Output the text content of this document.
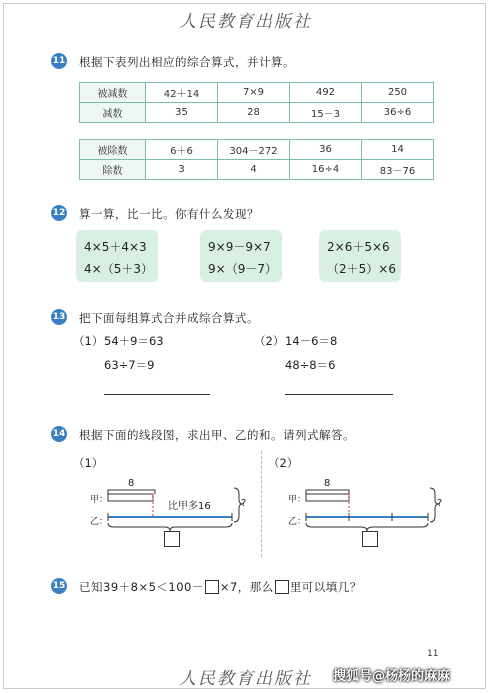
人民教育出版社
11 根据下表列出相应的综合算式，并计算。
被减数	42＋14	7×9	492	250
减数	35	28	15－3	36÷6
被除数	6＋6	304－272	36	14
除数	3	4	16÷4	83－76
12 算一算，比一比。你有什么发现？
4×5＋4×3
4×（5＋3）
9×9－9×7
9×（9－7）
2×6＋5×6
（2＋5）×6
13 把下面每组算式合并成综合算式。
（1） 54＋9＝63
63÷7＝9
（2） 14－6＝8
48÷8＝6
14 根据下面的线段图，求出甲、乙的和。请列式解答。
（1）
8
甲：
乙：
比甲多16	?
（2）
8
甲：
乙：
?
15 已知39＋8×5＜100－ ×7，那么 里可以填几？
11
人民教育出版社	搜狐号@杨杨的麻麻
